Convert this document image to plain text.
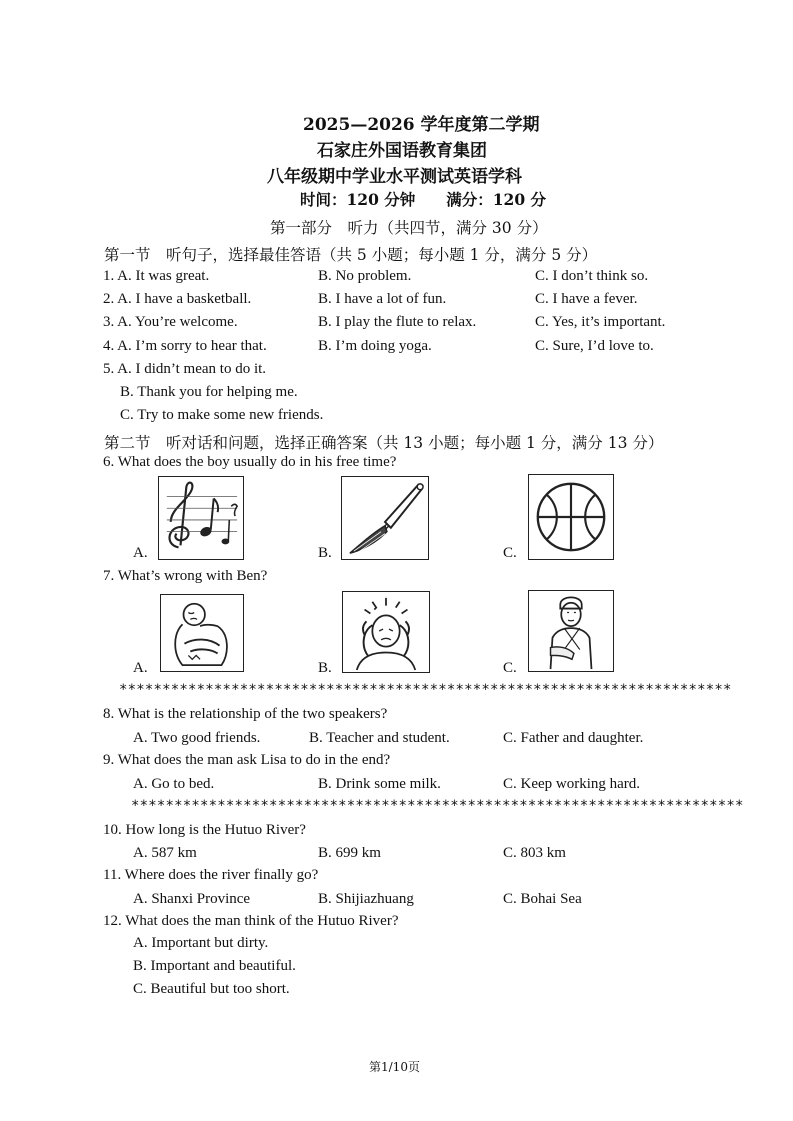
2025—2026 学年度第二学期
石家庄外国语教育集团
八年级期中学业水平测试英语学科
时间：120 分钟　　满分：120 分
第一部分　听力（共四节，满分 30 分）
第一节　听句子，选择最佳答语（共 5 小题；每小题 1 分，满分 5 分）
1. A. It was great.	B. No problem.	C. I don’t think so.
2. A. I have a basketball.	B. I have a lot of fun.	C. I have a fever.
3. A. You’re welcome.	B. I play the flute to relax.	C. Yes, it’s important.
4. A. I’m sorry to hear that.	B. I’m doing yoga.	C. Sure, I’d love to.
5. A. I didn’t mean to do it.
B. Thank you for helping me.
C. Try to make some new friends.
第二节　听对话和问题，选择正确答案（共 13 小题；每小题 1 分，满分 13 分）
6. What does the boy usually do in his free time?
A.	B.	C.
7. What’s wrong with Ben?
A.	B.	C.
***********************************************************************
8. What is the relationship of the two speakers?
A. Two good friends.	B. Teacher and student.	C. Father and daughter.
9. What does the man ask Lisa to do in the end?
A. Go to bed.	B. Drink some milk.	C. Keep working hard.
***********************************************************************
10. How long is the Hutuo River?
A. 587 km	B. 699 km	C. 803 km
11. Where does the river finally go?
A. Shanxi Province	B. Shijiazhuang	C. Bohai Sea
12. What does the man think of the Hutuo River?
A. Important but dirty.
B. Important and beautiful.
C. Beautiful but too short.
第1/10页
